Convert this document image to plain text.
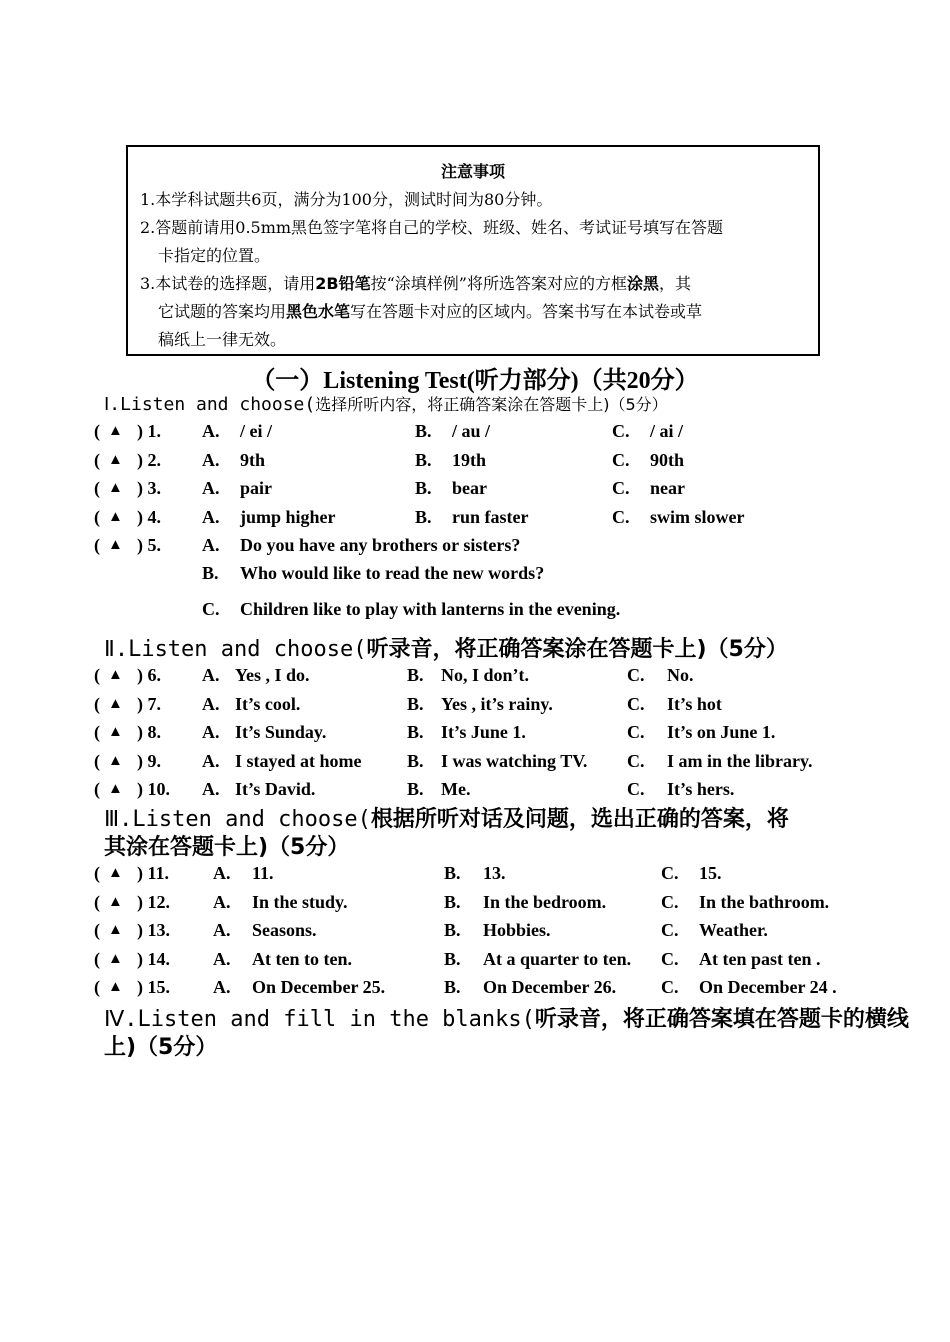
注意事项
1.本学科试题共6页，满分为100分，测试时间为80分钟。
2.答题前请用0.5mm黑色签字笔将自己的学校、班级、姓名、考试证号填写在答题
卡指定的位置。
3.本试卷的选择题，请用2B铅笔按“涂填样例”将所选答案对应的方框涂黑，其
它试题的答案均用黑色水笔写在答题卡对应的区域内。答案书写在本试卷或草
稿纸上一律无效。
（一）Listening Test(听力部分)（共20分）
Ⅰ.Listen and choose(选择所听内容，将正确答案涂在答题卡上)（5分）
( ▲ ) 1. A. / ei /	B. / au /	C. / ai /
( ▲ ) 2. A. 9th	B. 19th	C. 90th
( ▲ ) 3. A. pair	B. bear	C. near
( ▲ ) 4. A. jump higher	B. run faster	C. swim slower
( ▲ ) 5. A. Do you have any brothers or sisters?
B. Who would like to read the new words?
C. Children like to play with lanterns in the evening.
Ⅱ.Listen and choose(听录音，将正确答案涂在答题卡上)（5分）
( ▲ ) 6. A. Yes , I do.	B. No, I don’t.	C. No.
( ▲ ) 7. A. It’s cool.	B. Yes , it’s rainy.	C. It’s hot
( ▲ ) 8. A. It’s Sunday.	B. It’s June 1.	C. It’s on June 1.
( ▲ ) 9. A. I stayed at home	B. I was watching TV. C. I am in the library.
( ▲ ) 10. A. It’s David.	B. Me.	C. It’s hers.
Ⅲ.Listen and choose(根据所听对话及问题，选出正确的答案，将
其涂在答题卡上)（5分）
( ▲ ) 11. A. 11.	B. 13.	C. 15.
( ▲ ) 12. A. In the study.	B. In the bedroom.	C. In the bathroom.
( ▲ ) 13. A. Seasons.	B. Hobbies.	C. Weather.
( ▲ ) 14. A. At ten to ten.	B. At a quarter to ten. C. At ten past ten .
( ▲ ) 15. A. On December 25.	B. On December 26. C. On December 24 .
Ⅳ.Listen and fill in the blanks(听录音，将正确答案填在答题卡的横线
上)（5分）
